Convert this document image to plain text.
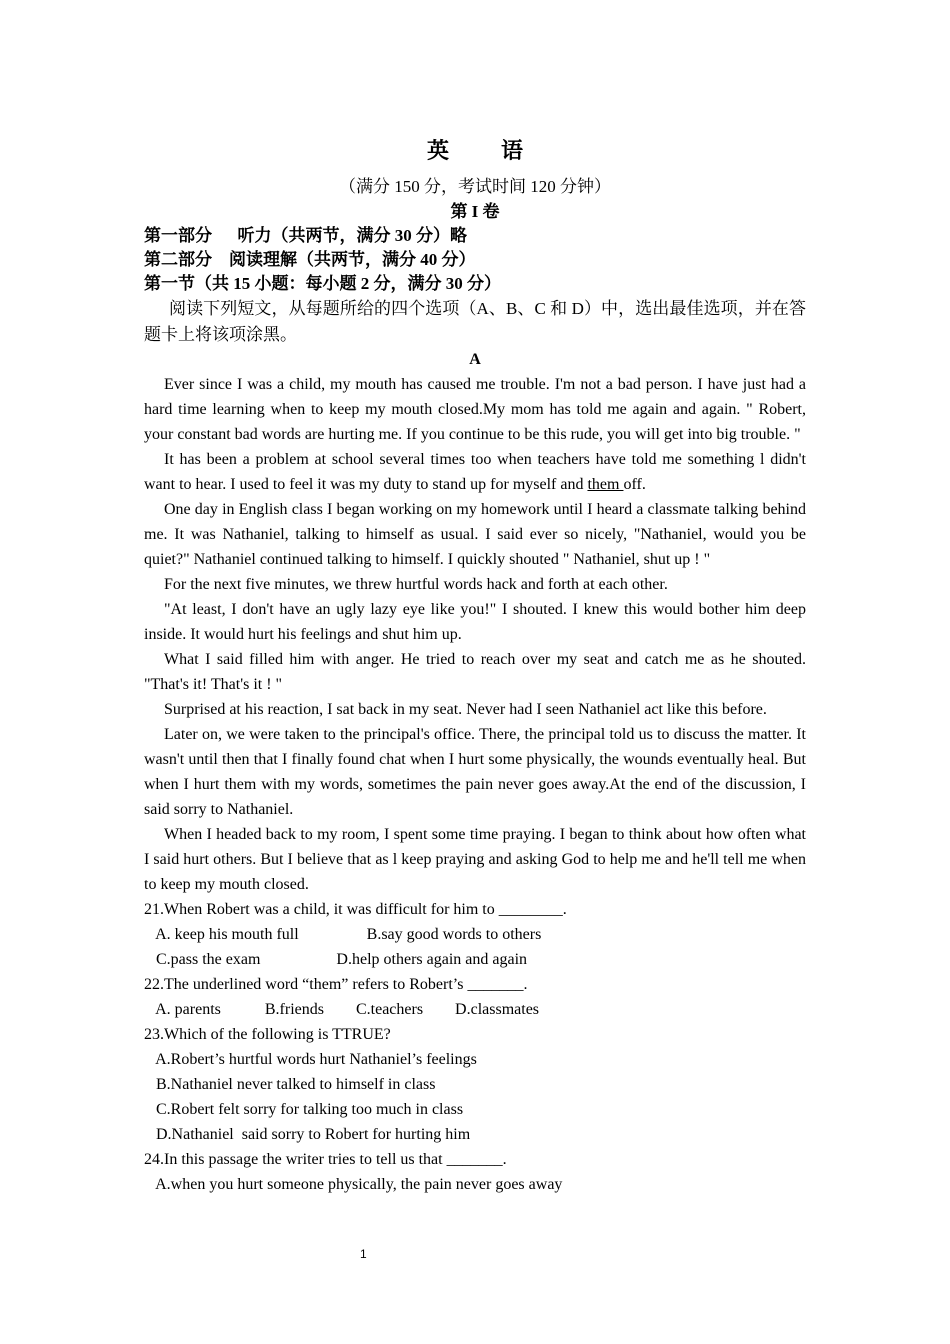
英 语

（满分 150 分，考试时间 120 分钟）

第 I 卷

第一部分      听力（共两节，满分 30 分）略

第二部分    阅读理解（共两节，满分 40 分）

第一节（共 15 小题：每小题 2 分，满分 30 分）

阅读下列短文，从每题所给的四个选项（A、B、C 和 D）中，选出最佳选项，并在答题卡上将该项涂黑。

A

Ever since I was a child, my mouth has caused me trouble. I'm not a bad person. I have just had a hard time learning when to keep my mouth closed.My mom has told me again and again. " Robert, your constant bad words are hurting me. If you continue to be this rude, you will get into big trouble. "

It has been a problem at school several times too when teachers have told me something l didn't want to hear. I used to feel it was my duty to stand up for myself and them off.

One day in English class I began working on my homework until I heard a classmate talking behind me. It was Nathaniel, talking to himself as usual. I said ever so nicely, "Nathaniel, would you be quiet?" Nathaniel continued talking to himself. I quickly shouted " Nathaniel, shut up ! "

For the next five minutes, we threw hurtful words hack and forth at each other.

"At least, I don't have an ugly lazy eye like you!" I shouted. I knew this would bother him deep inside. It would hurt his feelings and shut him up.

What I said filled him with anger. He tried to reach over my seat and catch me as he shouted. "That's it! That's it ! "

Surprised at his reaction, I sat back in my seat. Never had I seen Nathaniel act like this before.

Later on, we were taken to the principal's office. There, the principal told us to discuss the matter. It wasn't until then that I finally found chat when I hurt some physically, the wounds eventually heal. But when I hurt them with my words, sometimes the pain never goes away.At the end of the discussion, I said sorry to Nathaniel.

When I headed back to my room, I spent some time praying. I began to think about how often what I said hurt others. But I believe that as l keep praying and asking God to help me and he'll tell me when to keep my mouth closed.

21.When Robert was a child, it was difficult for him to ________.

A. keep his mouth full                 B.say good words to others

C.pass the exam                   D.help others again and again

22.The underlined word “them” refers to Robert’s _______.

A. parents           B.friends        C.teachers        D.classmates

23.Which of the following is TTRUE?

A.Robert’s hurtful words hurt Nathaniel’s feelings

B.Nathaniel never talked to himself in class

C.Robert felt sorry for talking too much in class

D.Nathaniel  said sorry to Robert for hurting him

24.In this passage the writer tries to tell us that _______.

A.when you hurt someone physically, the pain never goes away

1
